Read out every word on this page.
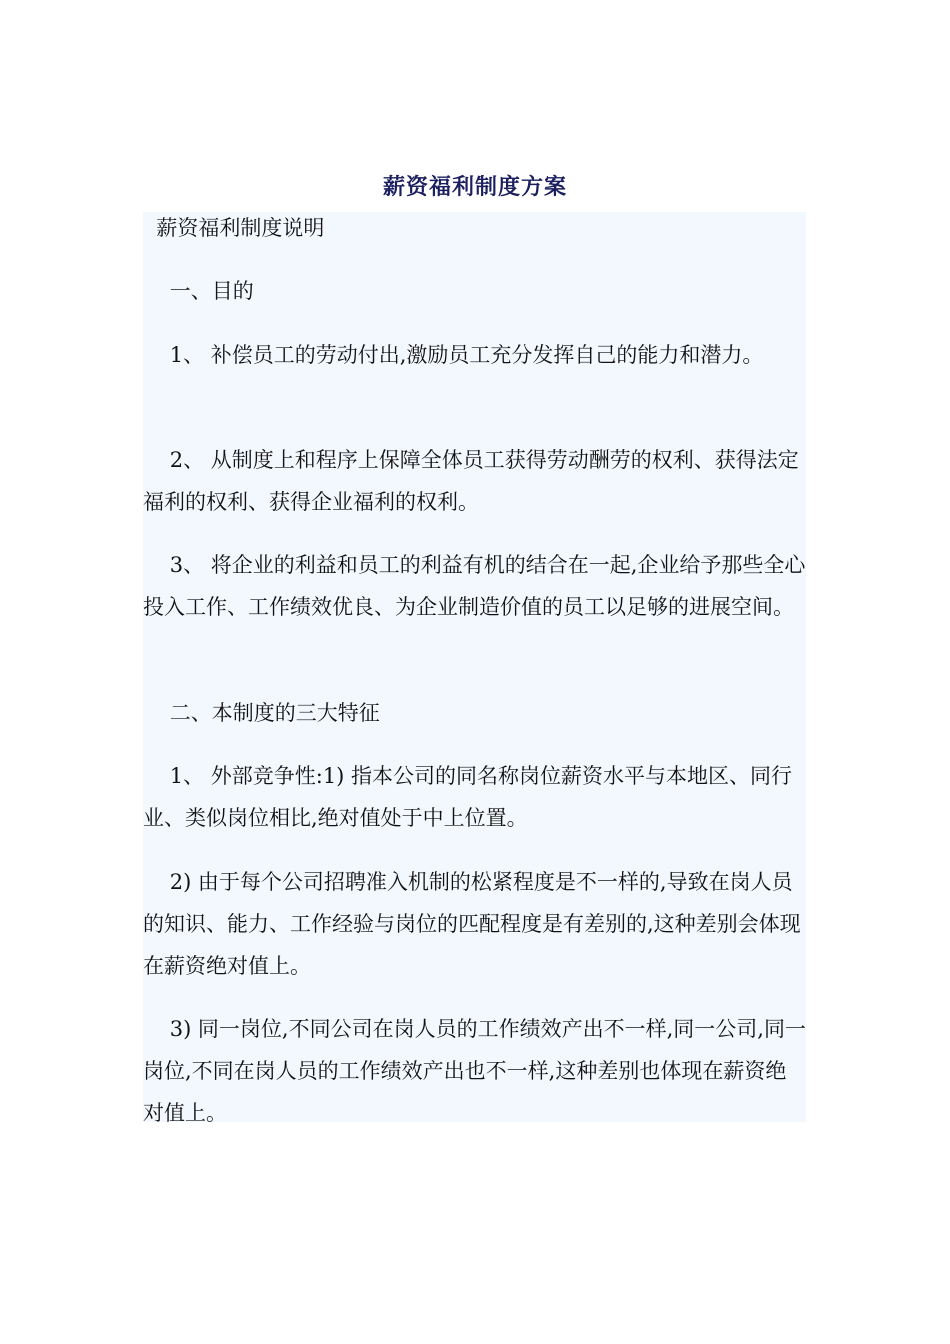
薪资福利制度方案

薪资福利制度说明

一、目的

1、 补偿员工的劳动付出,激励员工充分发挥自己的能力和潜力。

2、 从制度上和程序上保障全体员工获得劳动酬劳的权利、获得法定福利的权利、获得企业福利的权利。

3、 将企业的利益和员工的利益有机的结合在一起,企业给予那些全心投入工作、工作绩效优良、为企业制造价值的员工以足够的进展空间。

二、本制度的三大特征

1、 外部竞争性:1) 指本公司的同名称岗位薪资水平与本地区、同行业、类似岗位相比,绝对值处于中上位置。

2) 由于每个公司招聘准入机制的松紧程度是不一样的,导致在岗人员的知识、能力、工作经验与岗位的匹配程度是有差别的,这种差别会体现在薪资绝对值上。

3) 同一岗位,不同公司在岗人员的工作绩效产出不一样,同一公司,同一岗位,不同在岗人员的工作绩效产出也不一样,这种差别也体现在薪资绝对值上。
